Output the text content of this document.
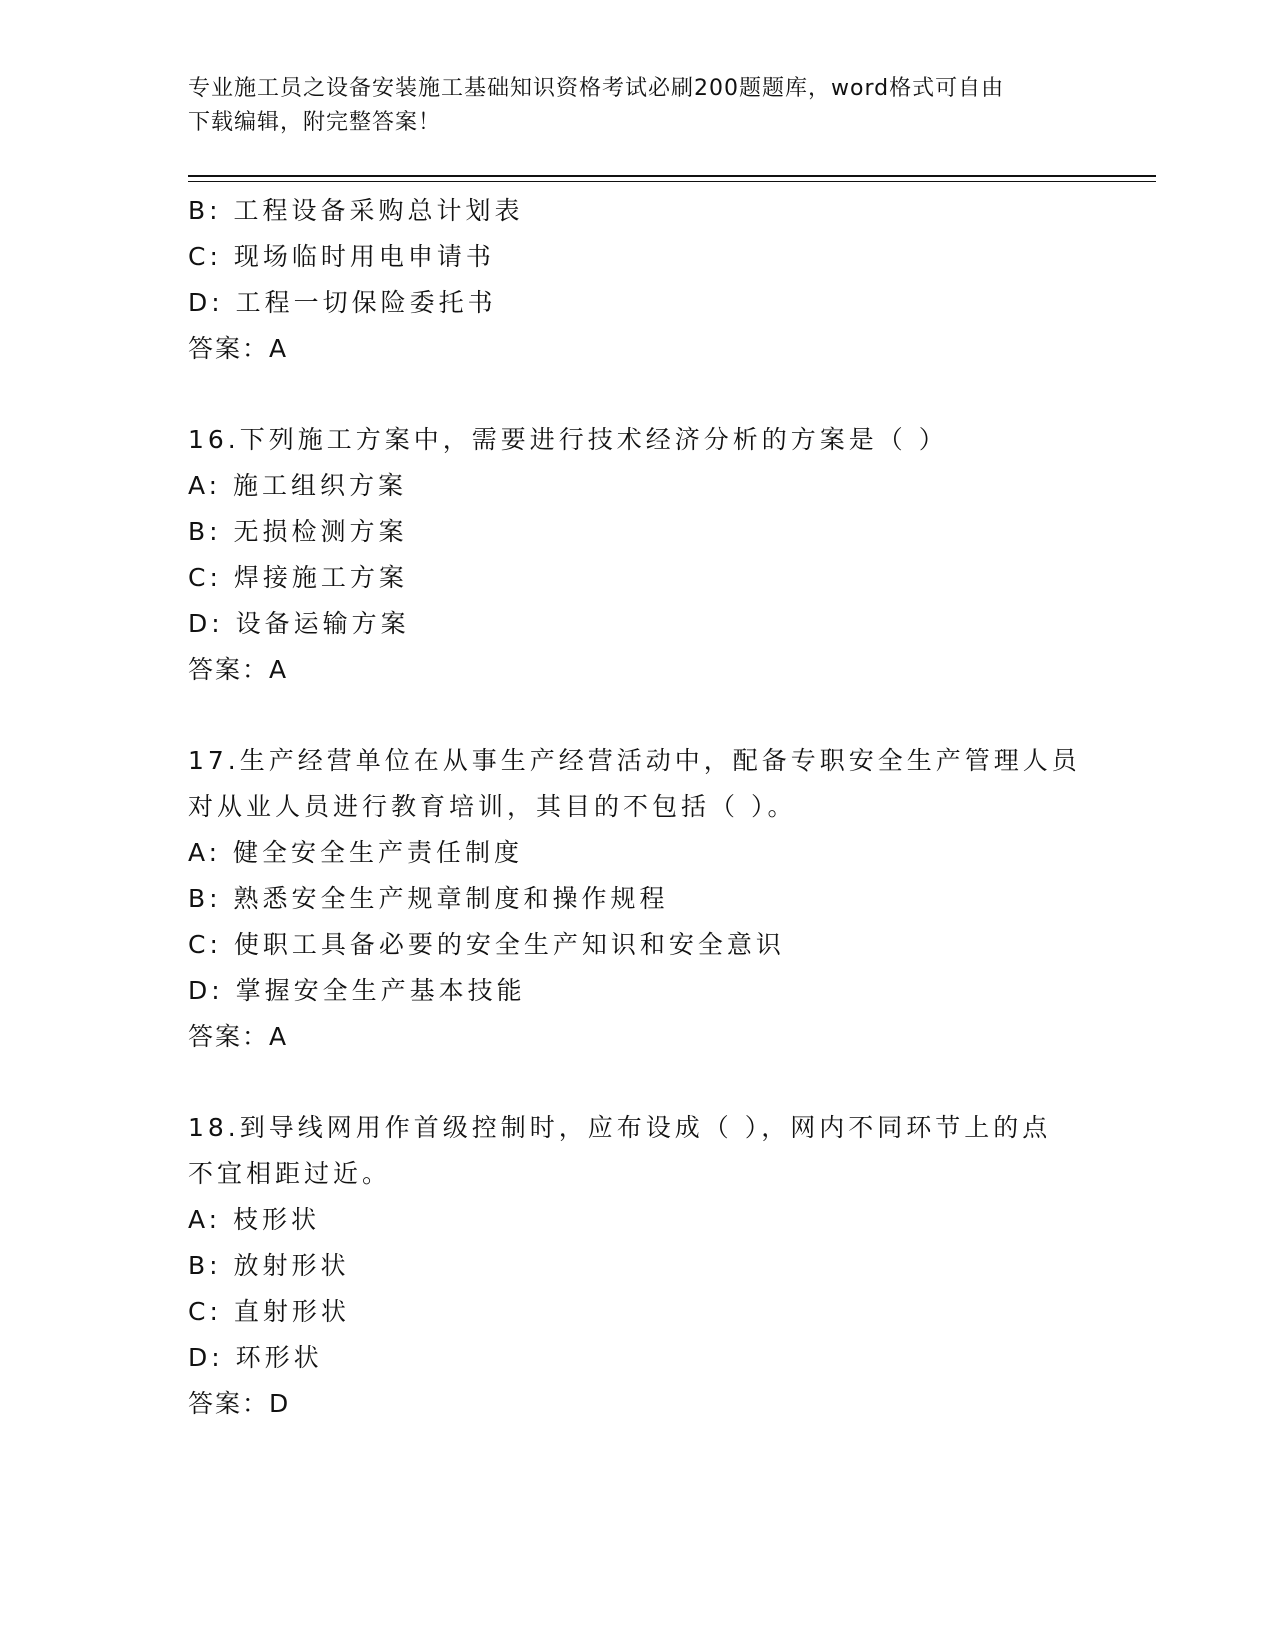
专业施工员之设备安装施工基础知识资格考试必刷200题题库，word格式可自由
下载编辑，附完整答案！
B: 工程设备采购总计划表
C: 现场临时用电申请书
D: 工程一切保险委托书
答案：A
16.下列施工方案中，需要进行技术经济分析的方案是（ ）
A: 施工组织方案
B: 无损检测方案
C: 焊接施工方案
D: 设备运输方案
答案：A
17.生产经营单位在从事生产经营活动中，配备专职安全生产管理人员
对从业人员进行教育培训，其目的不包括（ ）。
A: 健全安全生产责任制度
B: 熟悉安全生产规章制度和操作规程
C: 使职工具备必要的安全生产知识和安全意识
D: 掌握安全生产基本技能
答案：A
18.到导线网用作首级控制时，应布设成（ ），网内不同环节上的点
不宜相距过近。
A: 枝形状
B: 放射形状
C: 直射形状
D: 环形状
答案：D
